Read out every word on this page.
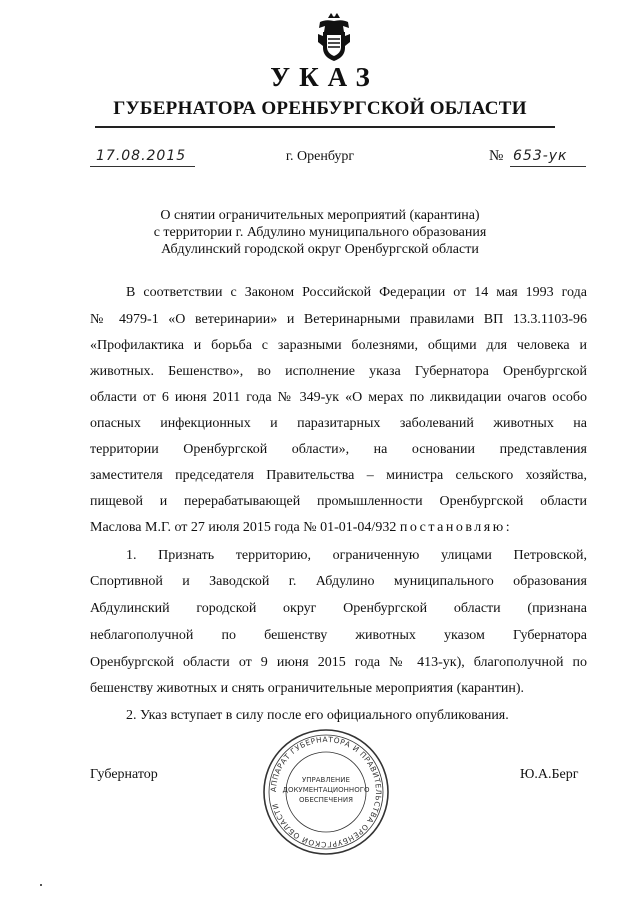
УКАЗ
ГУБЕРНАТОРА ОРЕНБУРГСКОЙ ОБЛАСТИ
17.08.2015	г. Оренбург	№ 653-ук
О снятии ограничительных мероприятий (карантина)
с территории г. Абдулино муниципального образования
Абдулинский городской округ Оренбургской области
В соответствии с Законом Российской Федерации от 14 мая 1993 года
№ 4979-1 «О ветеринарии» и Ветеринарными правилами ВП 13.3.1103-96
«Профилактика и борьба с заразными болезнями, общими для человека и
животных. Бешенство», во исполнение указа Губернатора Оренбургской
области от 6 июня 2011 года № 349-ук «О мерах по ликвидации очагов особо
опасных инфекционных и паразитарных заболеваний животных на
территории Оренбургской области», на основании представления
заместителя председателя Правительства – министра сельского хозяйства,
пищевой и перерабатывающей промышленности Оренбургской области
Маслова М.Г. от 27 июля 2015 года № 01-01-04/932 постановляю:
1. Признать территорию, ограниченную улицами Петровской,
Спортивной и Заводской г. Абдулино муниципального образования
Абдулинский городской округ Оренбургской области (признана
неблагополучной по бешенству животных указом Губернатора
Оренбургской области от 9 июня 2015 года № 413-ук), благополучной по
бешенству животных и снять ограничительные мероприятия (карантин).
2. Указ вступает в силу после его официального опубликования.
Губернатор	Ю.А.Берг
АППАРАТ ГУБЕРНАТОРА И ПРАВИТЕЛЬСТВА ОРЕНБУРГСКОЙ ОБЛАСТИ
УПРАВЛЕНИЕ
ДОКУМЕНТАЦИОННОГО
ОБЕСПЕЧЕНИЯ
